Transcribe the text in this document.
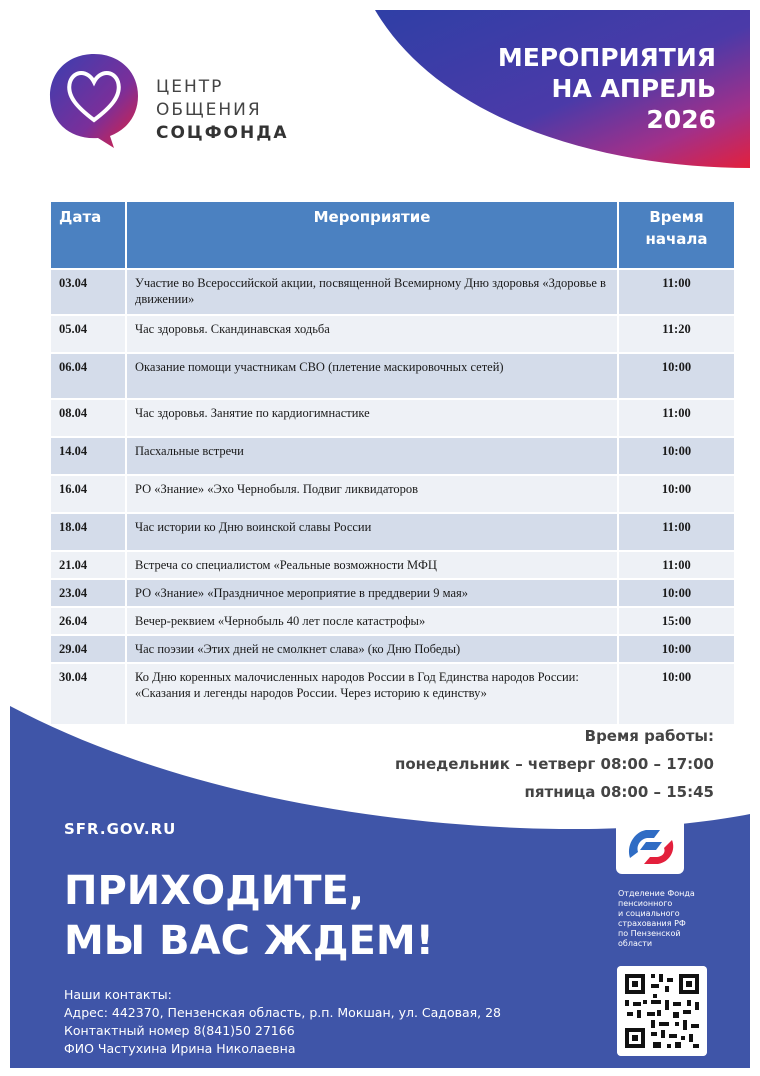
МЕРОПРИЯТИЯ
НА АПРЕЛЬ
2026
ЦЕНТР
ОБЩЕНИЯ
СОЦФОНДА
Дата	Мероприятие	Время начала
03.04	Участие во Всероссийской акции, посвященной Всемирному Дню здоровья «Здоровье в движении»	11:00
05.04	Час здоровья. Скандинавская ходьба	11:20
06.04	Оказание помощи участникам СВО (плетение маскировочных сетей)	10:00
08.04	Час здоровья. Занятие по кардиогимнастике	11:00
14.04	Пасхальные встречи	10:00
16.04	РО «Знание» «Эхо Чернобыля. Подвиг ликвидаторов	10:00
18.04	Час истории ко Дню воинской славы России	11:00
21.04	Встреча со специалистом «Реальные возможности МФЦ	11:00
23.04	РО «Знание» «Праздничное мероприятие в преддверии 9 мая»	10:00
26.04	Вечер-реквием «Чернобыль 40 лет после катастрофы»	15:00
29.04	Час поэзии «Этих дней не смолкнет слава» (ко Дню Победы)	10:00
30.04	Ко Дню коренных малочисленных народов России в Год Единства народов России: «Сказания и легенды народов России. Через историю к единству»	10:00
Время работы:
понедельник – четверг 08:00 – 17:00
пятница 08:00 – 15:45
SFR.GOV.RU
ПРИХОДИТЕ,
МЫ ВАС ЖДЕМ!
Наши контакты:
Адрес: 442370, Пензенская область, р.п. Мокшан, ул. Садовая, 28
Контактный номер 8(841)50 27166
ФИО Частухина Ирина Николаевна
Отделение Фонда
пенсионного
и социального
страхования РФ
по Пензенской
области
